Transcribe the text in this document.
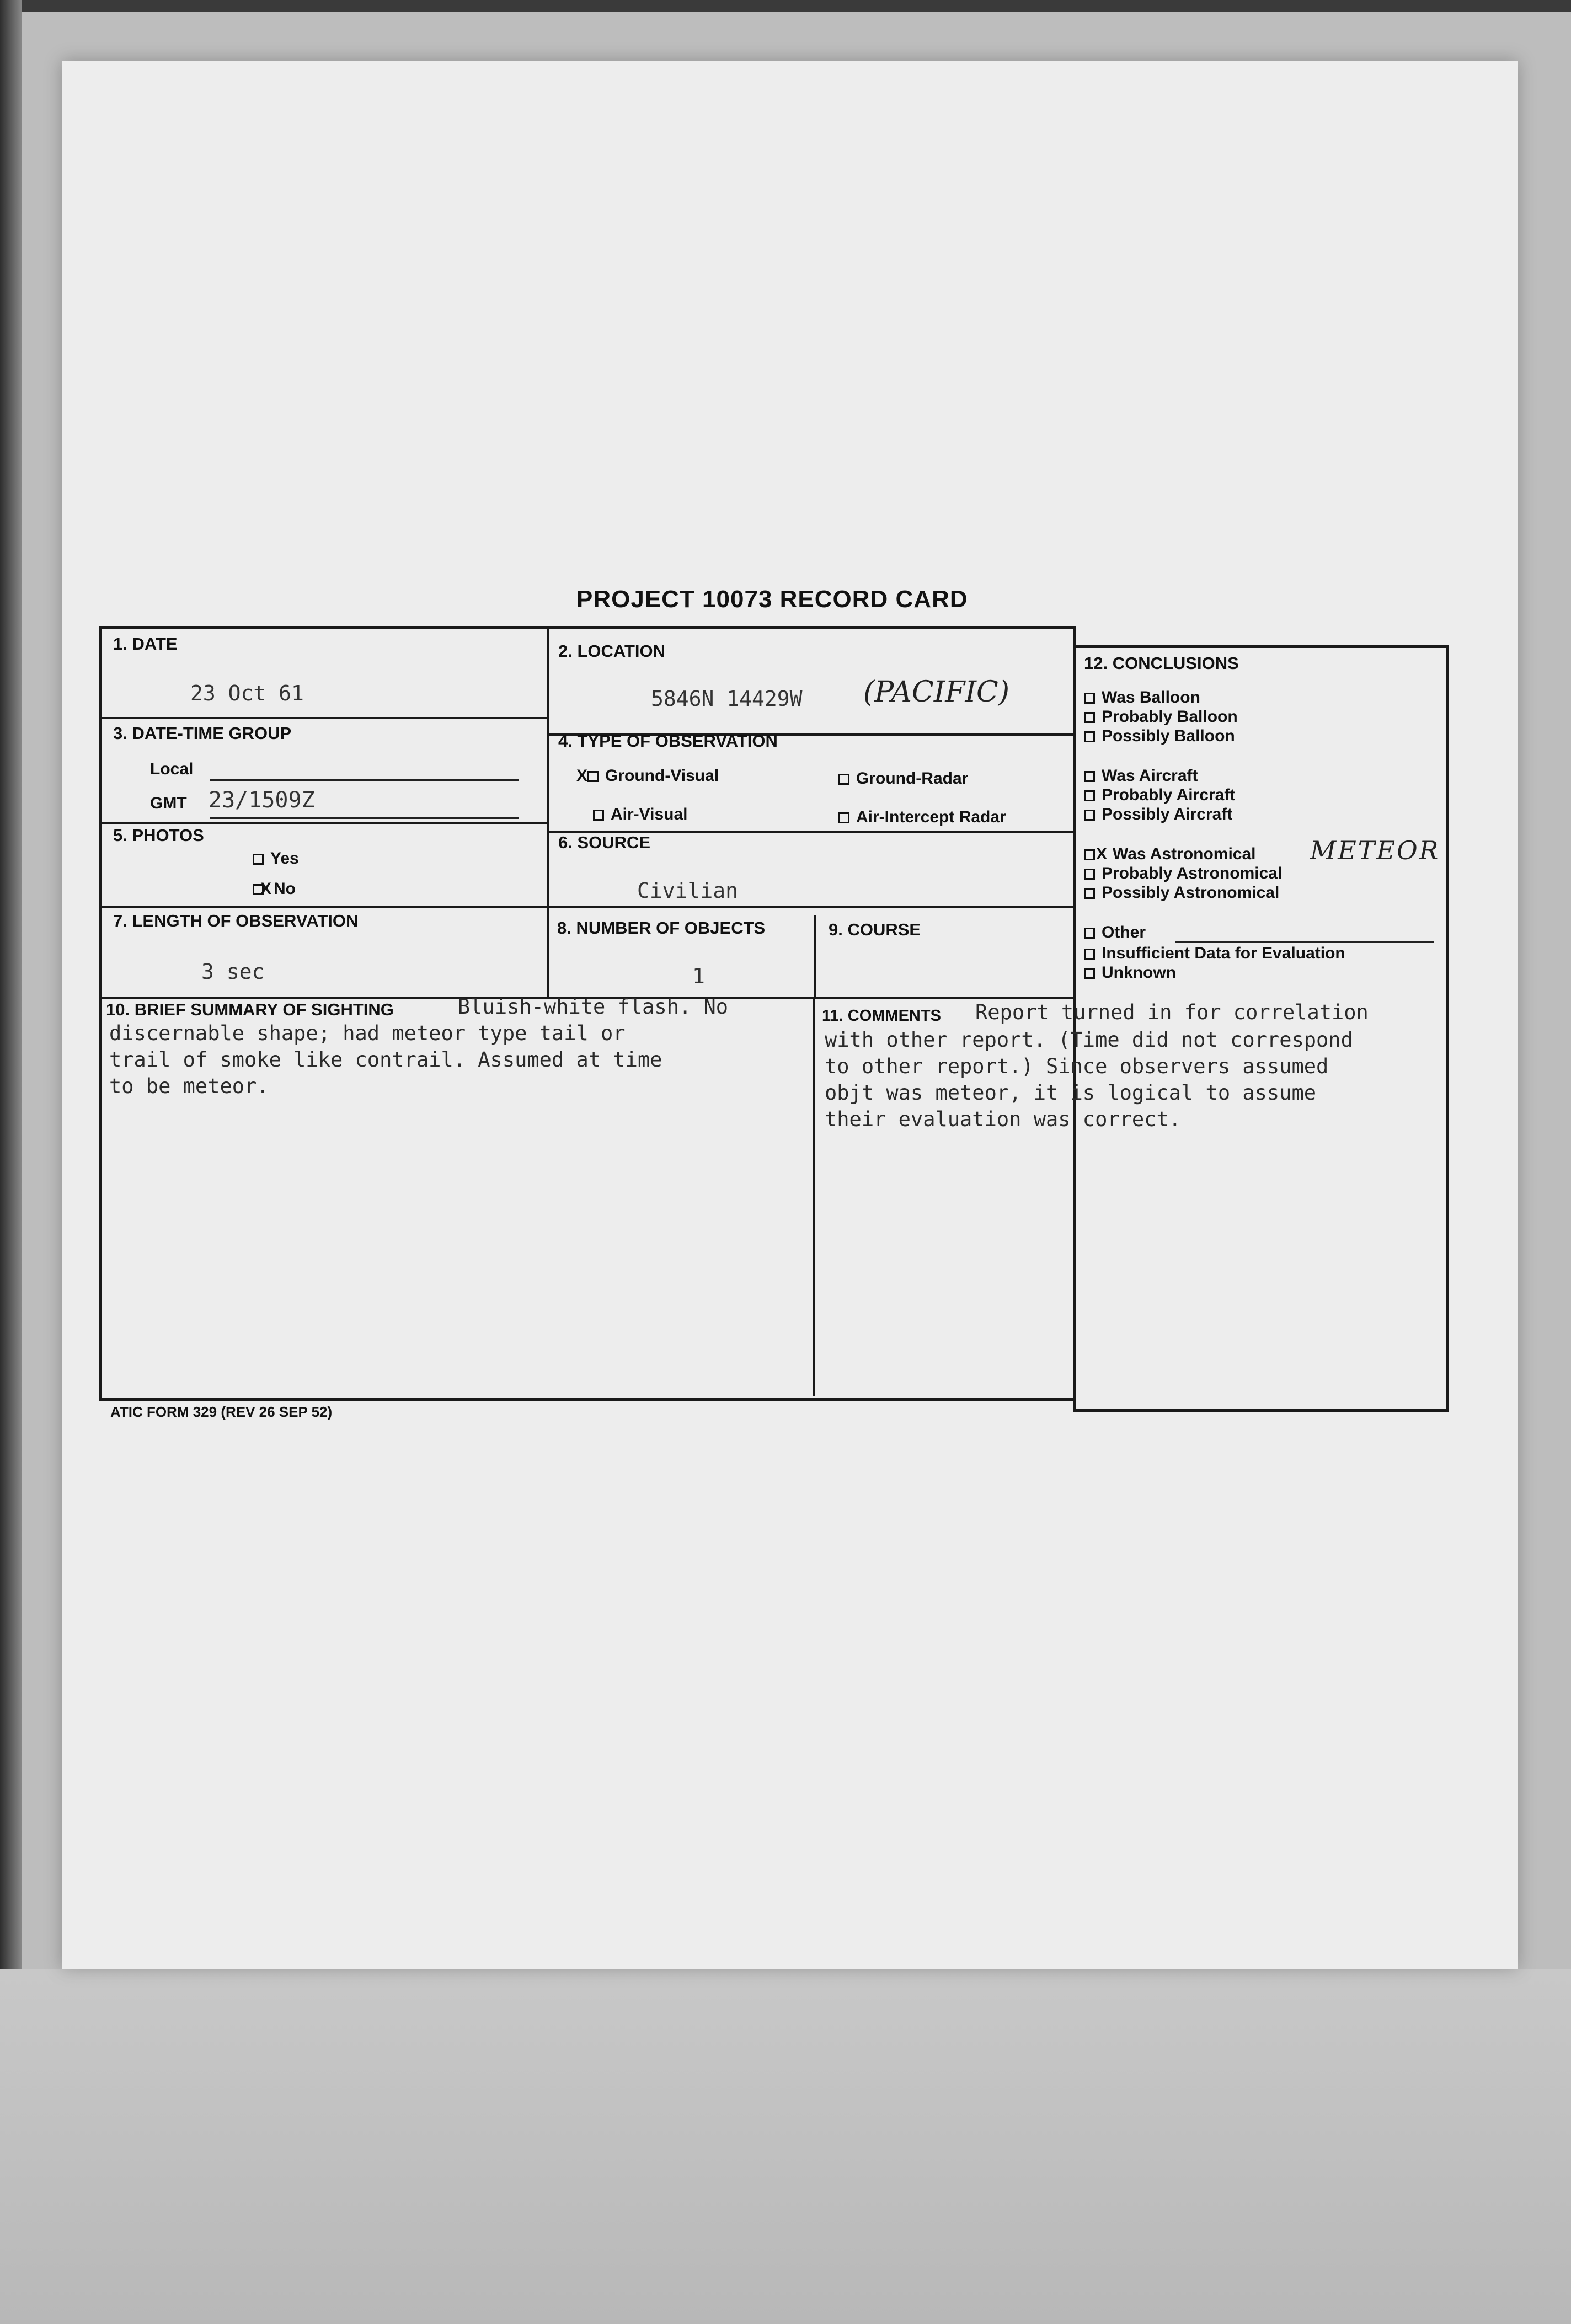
PROJECT 10073 RECORD CARD
1. DATE
23 Oct 61
2. LOCATION
5846N 14429W (PACIFIC)
3. DATE-TIME GROUP
Local
GMT 23/1509Z
4. TYPE OF OBSERVATION
X Ground-Visual	Ground-Radar
Air-Visual	Air-Intercept Radar
5. PHOTOS
Yes
X No
6. SOURCE
Civilian
7. LENGTH OF OBSERVATION
3 sec
8. NUMBER OF OBJECTS
1
9. COURSE
10. BRIEF SUMMARY OF SIGHTING	Bluish-white flash. No
discernable shape; had meteor type tail or
trail of smoke like contrail. Assumed at time
to be meteor.
11. COMMENTS Report turned in for correlation
with other report. (Time did not correspond
to other report.) Since observers assumed
objt was meteor, it is logical to assume
their evaluation was correct.
12. CONCLUSIONS
Was Balloon
Probably Balloon
Possibly Balloon
Was Aircraft
Probably Aircraft
Possibly Aircraft
X Was Astronomical METEOR
Probably Astronomical
Possibly Astronomical
Other
Insufficient Data for Evaluation
Unknown
ATIC FORM 329 (REV 26 SEP 52)
